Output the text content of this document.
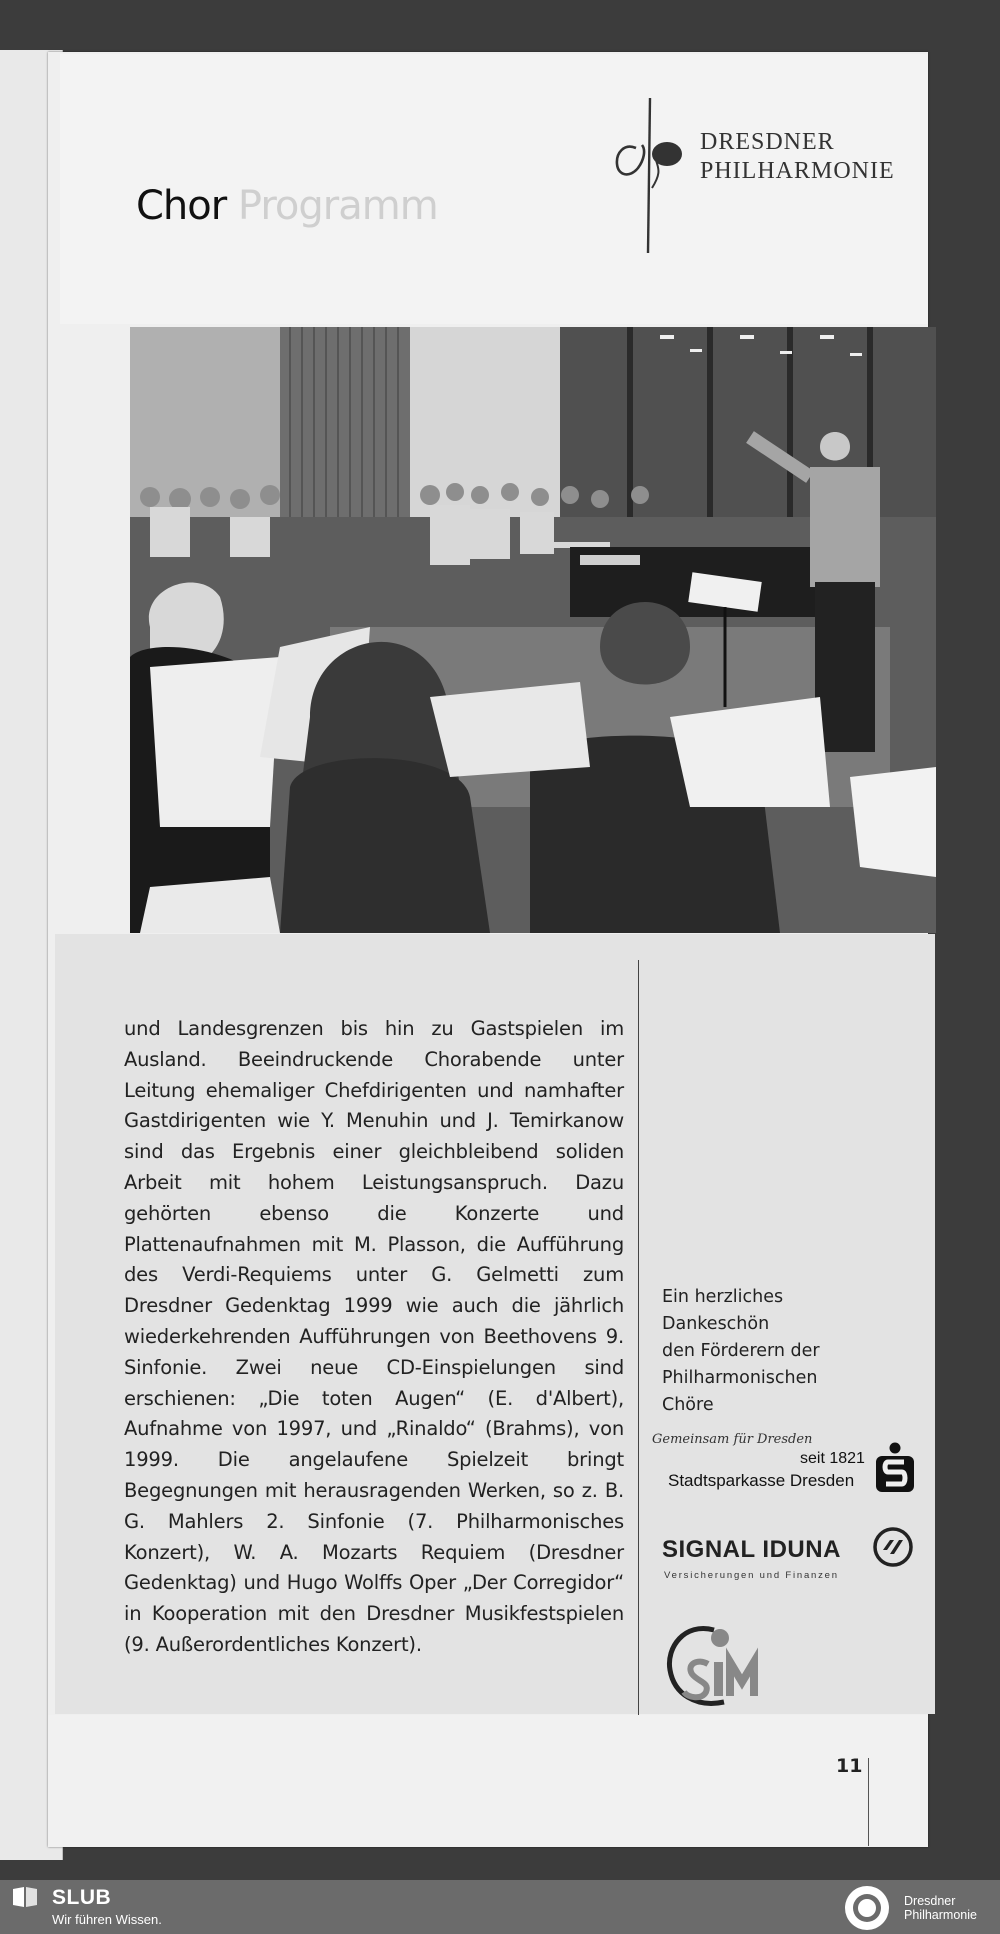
Chor Programm
DRESDNER
PHILHARMONIE
und Landesgrenzen bis hin zu Gastspielen im Ausland. Beeindruckende Chorabende unter Leitung ehemaliger Chefdirigenten und namhafter Gastdirigenten wie Y. Menuhin und J. Temirkanow sind das Ergebnis einer gleichbleibend soliden Arbeit mit hohem Leistungsanspruch. Dazu gehörten ebenso die Konzerte und Plattenaufnahmen mit M. Plasson, die Aufführung des Verdi-Requiems unter G. Gelmetti zum Dresdner Gedenktag 1999 wie auch die jährlich wiederkehrenden Aufführungen von Beethovens 9. Sinfonie. Zwei neue CD-Einspielungen sind erschienen: „Die toten Augen“ (E. d'Albert), Aufnahme von 1997, und „Rinaldo“ (Brahms), von 1999. Die angelaufene Spielzeit bringt Begegnungen mit herausragenden Werken, so z. B. G. Mahlers 2. Sinfonie (7. Philharmonisches Konzert), W. A. Mozarts Requiem (Dresdner Gedenktag) und Hugo Wolffs Oper „Der Corregidor“ in Kooperation mit den Dresdner Musikfestspielen (9. Außerordentliches Konzert).
Ein herzliches
Dankeschön
den Förderern der
Philharmonischen
Chöre
Gemeinsam für Dresden
seit 1821
Stadtsparkasse Dresden
SIGNAL IDUNA
Versicherungen und Finanzen
11
SLUB
Wir führen Wissen.
Dresdner
Philharmonie
